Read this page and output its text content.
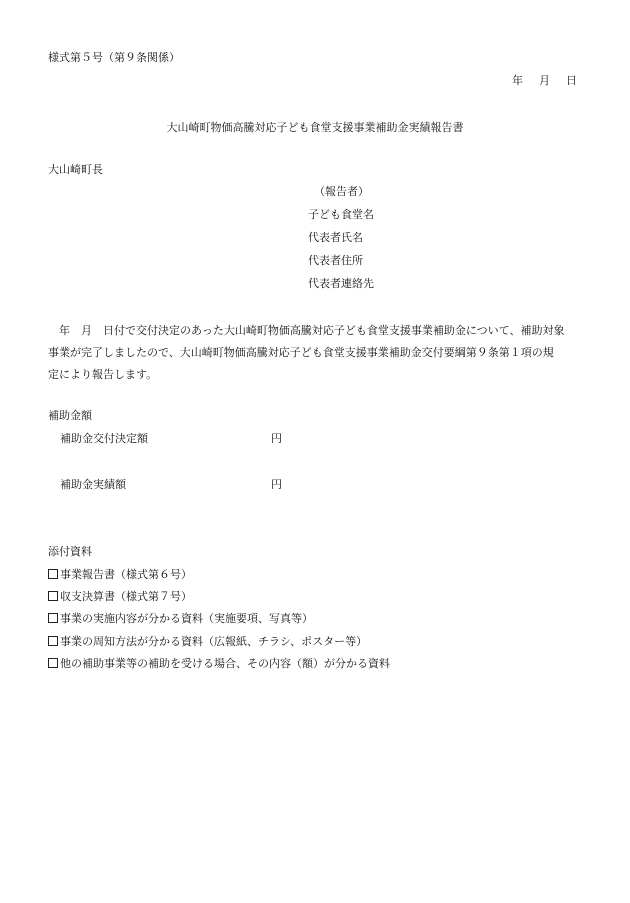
様式第５号（第９条関係）
年 月 日
大山崎町物価高騰対応子ども食堂支援事業補助金実績報告書
大山崎町長
（報告者）
子ども食堂名
代表者氏名
代表者住所
代表者連絡先
　年　月　日付で交付決定のあった大山崎町物価高騰対応子ども食堂支援事業補助金について、補助対象
事業が完了しましたので、大山崎町物価高騰対応子ども食堂支援事業補助金交付要綱第９条第１項の規
定により報告します。
補助金額
補助金交付決定額	円
補助金実績額	円
添付資料
事業報告書（様式第６号）
収支決算書（様式第７号）
事業の実施内容が分かる資料（実施要項、写真等）
事業の周知方法が分かる資料（広報紙、チラシ、ポスター等）
他の補助事業等の補助を受ける場合、その内容（額）が分かる資料
